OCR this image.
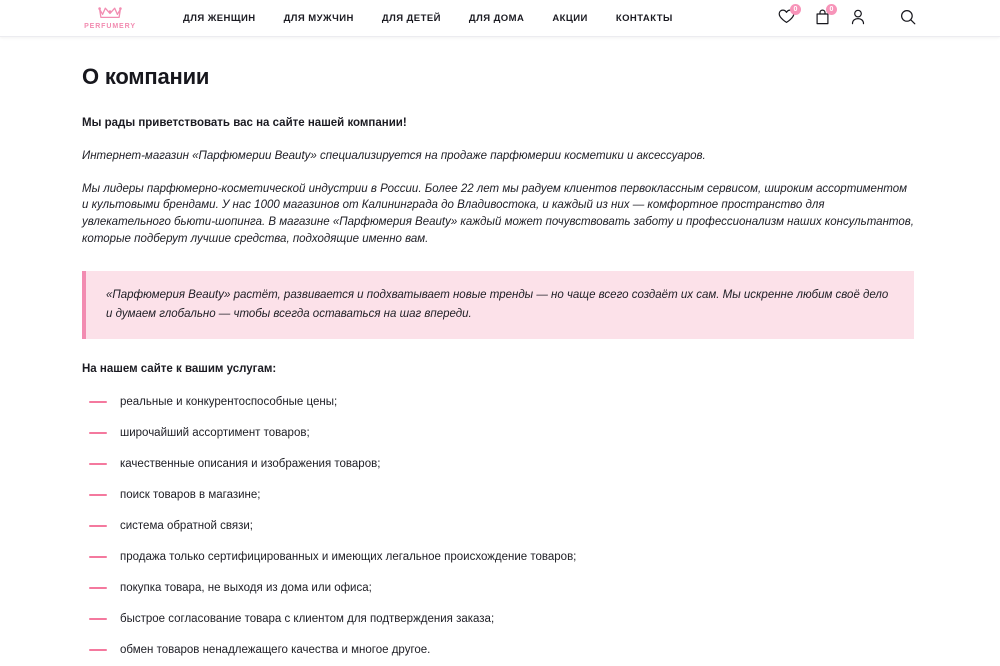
PERFUMERY
ДЛЯ ЖЕНЩИН	ДЛЯ МУЖЧИН	ДЛЯ ДЕТЕЙ	ДЛЯ ДОМА	АКЦИИ	КОНТАКТЫ
0	0
О компании

Мы рады приветствовать вас на сайте нашей компании!

Интернет-магазин «Парфюмерии Beauty» специализируется на продаже парфюмерии косметики и аксессуаров.

Мы лидеры парфюмерно-косметической индустрии в России. Более 22 лет мы радуем клиентов первоклассным сервисом, широким ассортиментом и культовыми брендами. У нас 1000 магазинов от Калининграда до Владивостока, и каждый из них — комфортное пространство для увлекательного бьюти-шопинга. В магазине «Парфюмерия Beauty» каждый может почувствовать заботу и профессионализм наших консультантов, которые подберут лучшие средства, подходящие именно вам.

«Парфюмерия Beauty» растёт, развивается и подхватывает новые тренды — но чаще всего создаёт их сам. Мы искренне любим своё дело и думаем глобально — чтобы всегда оставаться на шаг впереди.
На нашем сайте к вашим услугам:
реальные и конкурентоспособные цены;
широчайший ассортимент товаров;
качественные описания и изображения товаров;
поиск товаров в магазине;
система обратной связи;
продажа только сертифицированных и имеющих легальное происхождение товаров;
покупка товара, не выходя из дома или офиса;
быстрое согласование товара с клиентом для подтверждения заказа;
обмен товаров ненадлежащего качества и многое другое.
